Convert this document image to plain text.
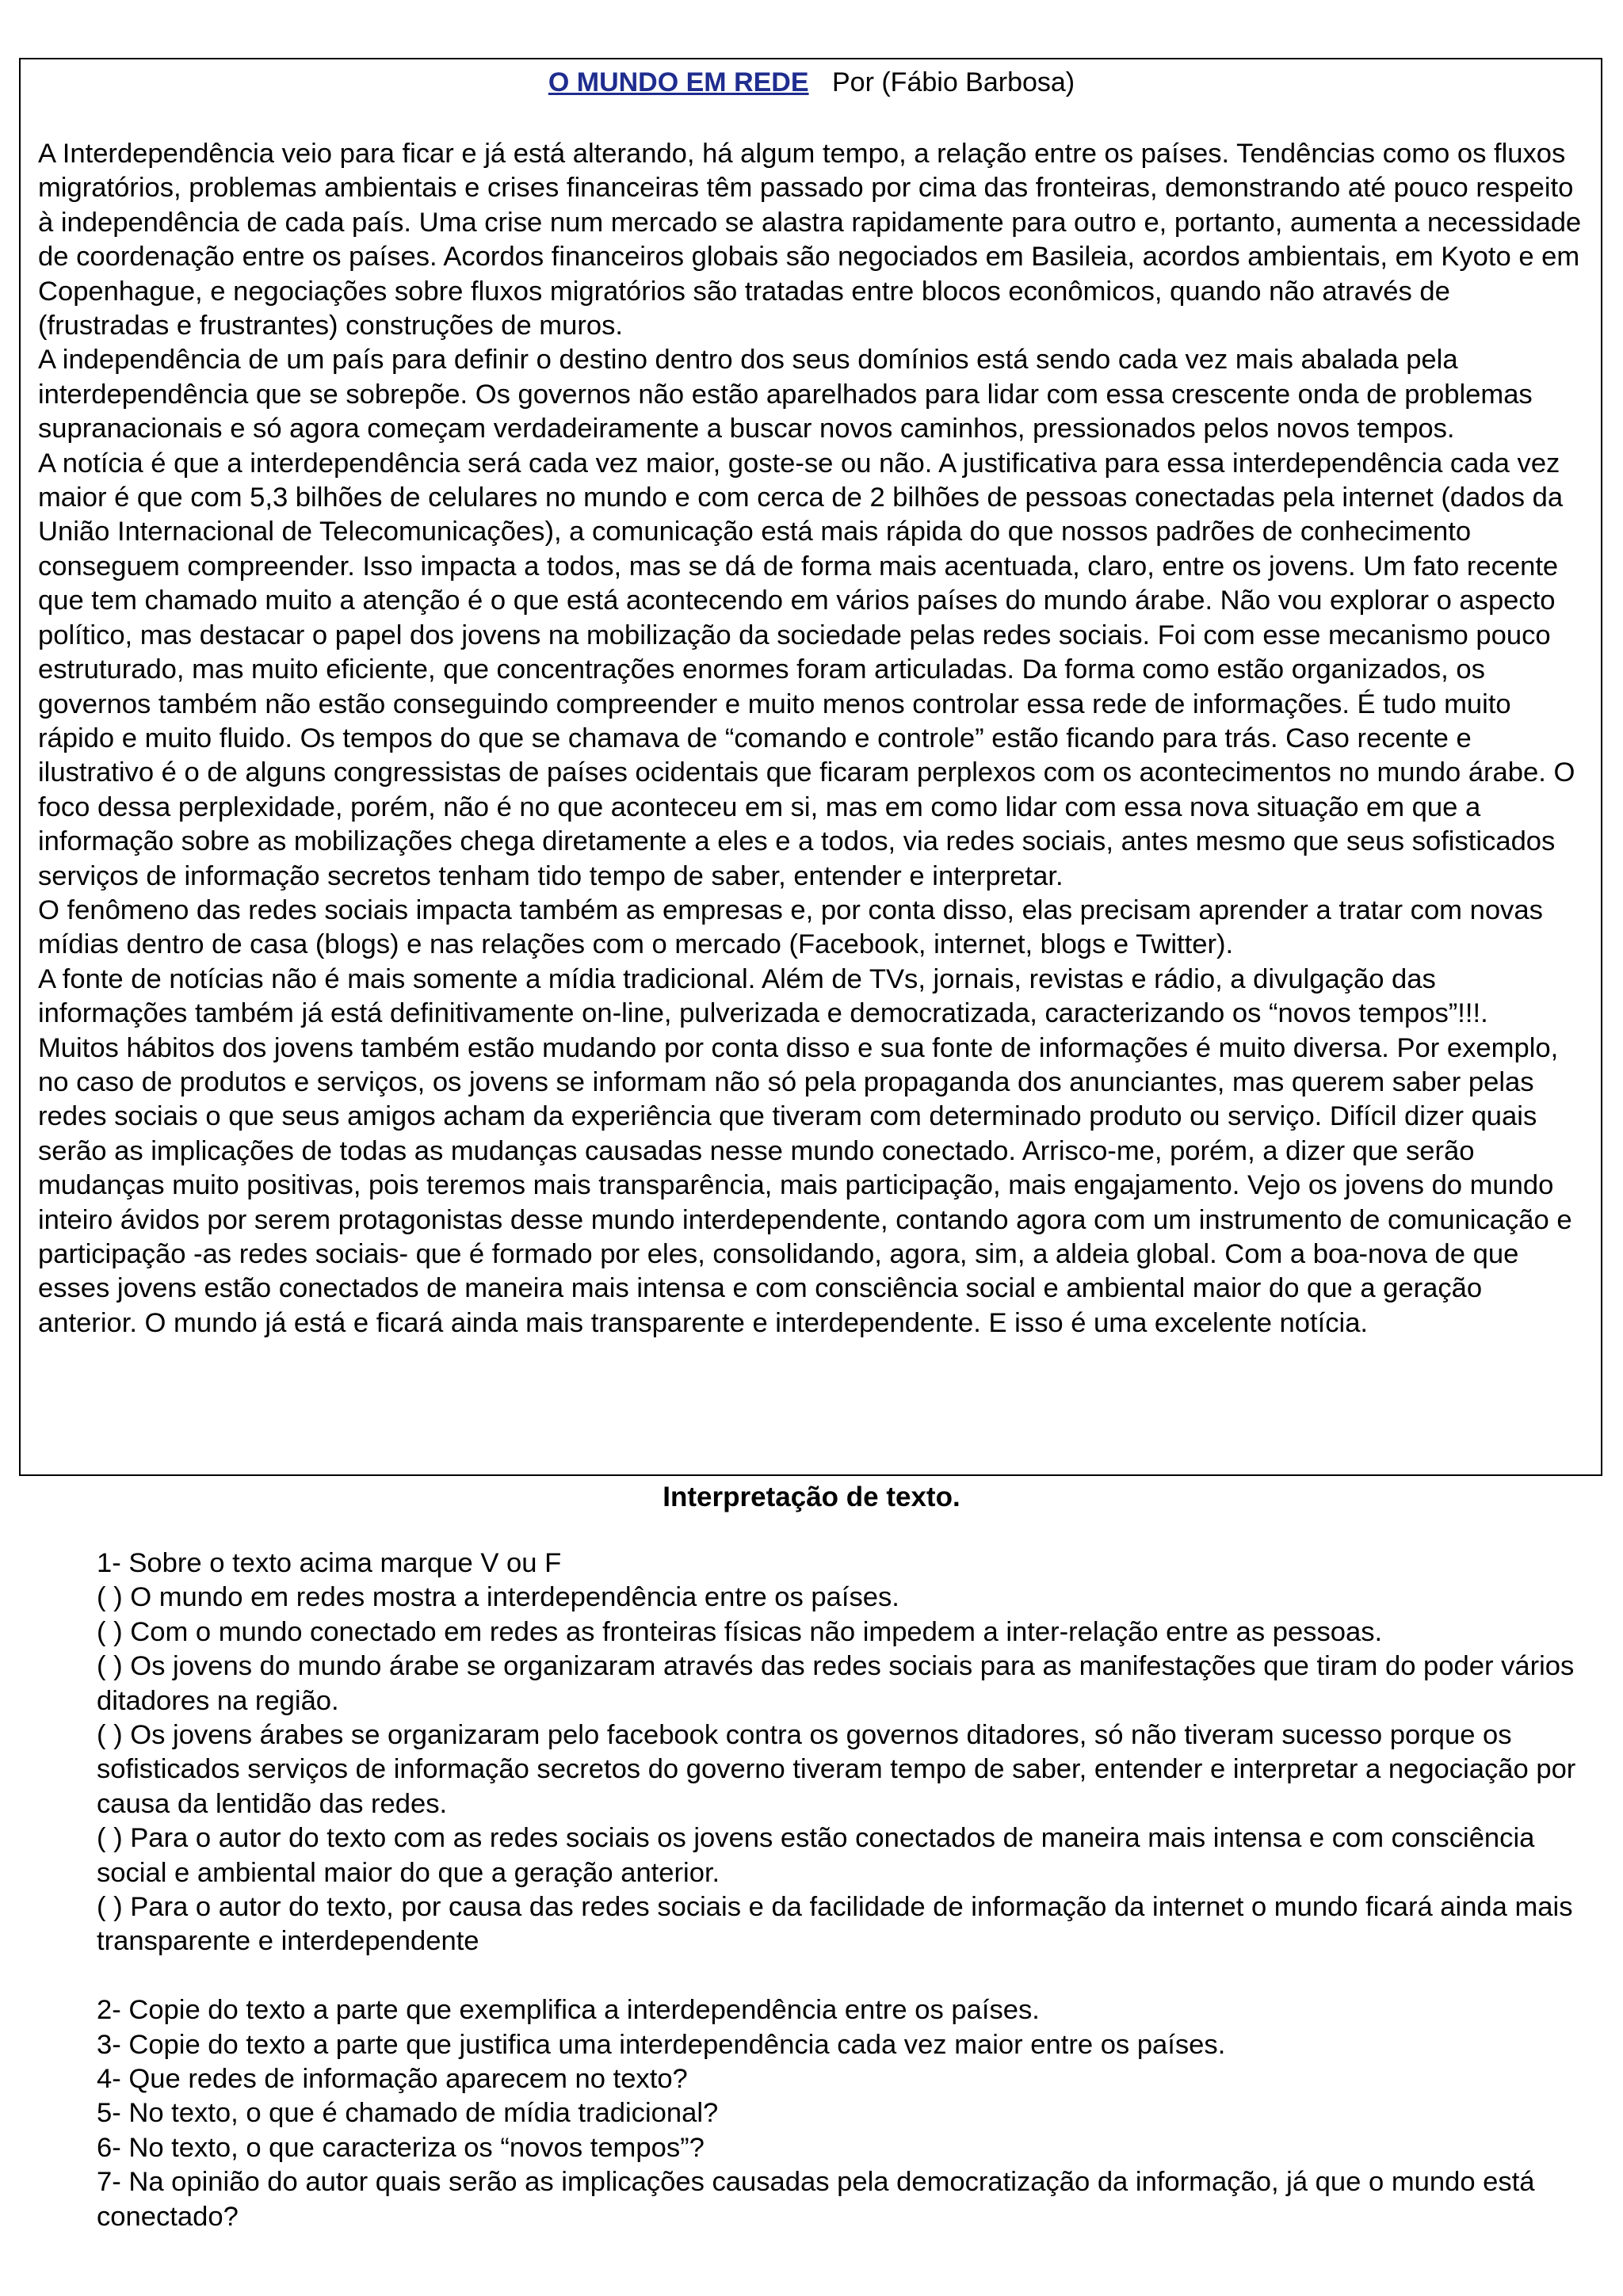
O MUNDO EM REDE Por (Fábio Barbosa)

A Interdependência veio para ficar e já está alterando, há algum tempo, a relação entre os países. Tendências como os fluxos migratórios, problemas ambientais e crises financeiras têm passado por cima das fronteiras, demonstrando até pouco respeito à independência de cada país. Uma crise num mercado se alastra rapidamente para outro e, portanto, aumenta a necessidade de coordenação entre os países. Acordos financeiros globais são negociados em Basileia, acordos ambientais, em Kyoto e em Copenhague, e negociações sobre fluxos migratórios são tratadas entre blocos econômicos, quando não através de (frustradas e frustrantes) construções de muros.

A independência de um país para definir o destino dentro dos seus domínios está sendo cada vez mais abalada pela interdependência que se sobrepõe. Os governos não estão aparelhados para lidar com essa crescente onda de problemas supranacionais e só agora começam verdadeiramente a buscar novos caminhos, pressionados pelos novos tempos.

A notícia é que a interdependência será cada vez maior, goste-se ou não. A justificativa para essa interdependência cada vez maior é que com 5,3 bilhões de celulares no mundo e com cerca de 2 bilhões de pessoas conectadas pela internet (dados da União Internacional de Telecomunicações), a comunicação está mais rápida do que nossos padrões de conhecimento conseguem compreender. Isso impacta a todos, mas se dá de forma mais acentuada, claro, entre os jovens. Um fato recente que tem chamado muito a atenção é o que está acontecendo em vários países do mundo árabe. Não vou explorar o aspecto político, mas destacar o papel dos jovens na mobilização da sociedade pelas redes sociais. Foi com esse mecanismo pouco estruturado, mas muito eficiente, que concentrações enormes foram articuladas. Da forma como estão organizados, os governos também não estão conseguindo compreender e muito menos controlar essa rede de informações. É tudo muito rápido e muito fluido. Os tempos do que se chamava de “comando e controle” estão ficando para trás. Caso recente e ilustrativo é o de alguns congressistas de países ocidentais que ficaram perplexos com os acontecimentos no mundo árabe. O foco dessa perplexidade, porém, não é no que aconteceu em si, mas em como lidar com essa nova situação em que a informação sobre as mobilizações chega diretamente a eles e a todos, via redes sociais, antes mesmo que seus sofisticados serviços de informação secretos tenham tido tempo de saber, entender e interpretar.

O fenômeno das redes sociais impacta também as empresas e, por conta disso, elas precisam aprender a tratar com novas mídias dentro de casa (blogs) e nas relações com o mercado (Facebook, internet, blogs e Twitter).

A fonte de notícias não é mais somente a mídia tradicional. Além de TVs, jornais, revistas e rádio, a divulgação das informações também já está definitivamente on-line, pulverizada e democratizada, caracterizando os “novos tempos”!!!.

Muitos hábitos dos jovens também estão mudando por conta disso e sua fonte de informações é muito diversa. Por exemplo, no caso de produtos e serviços, os jovens se informam não só pela propaganda dos anunciantes, mas querem saber pelas redes sociais o que seus amigos acham da experiência que tiveram com determinado produto ou serviço. Difícil dizer quais serão as implicações de todas as mudanças causadas nesse mundo conectado. Arrisco-me, porém, a dizer que serão mudanças muito positivas, pois teremos mais transparência, mais participação, mais engajamento. Vejo os jovens do mundo inteiro ávidos por serem protagonistas desse mundo interdependente, contando agora com um instrumento de comunicação e participação -as redes sociais- que é formado por eles, consolidando, agora, sim, a aldeia global. Com a boa-nova de que esses jovens estão conectados de maneira mais intensa e com consciência social e ambiental maior do que a geração anterior. O mundo já está e ficará ainda mais transparente e interdependente. E isso é uma excelente notícia.

Interpretação de texto.

1- Sobre o texto acima marque V ou F

( ) O mundo em redes mostra a interdependência entre os países.

( ) Com o mundo conectado em redes as fronteiras físicas não impedem a inter-relação entre as pessoas.

( ) Os jovens do mundo árabe se organizaram através das redes sociais para as manifestações que tiram do poder vários ditadores na região.

( ) Os jovens árabes se organizaram pelo facebook contra os governos ditadores, só não tiveram sucesso porque os sofisticados serviços de informação secretos do governo tiveram tempo de saber, entender e interpretar a negociação por causa da lentidão das redes.

( ) Para o autor do texto com as redes sociais os jovens estão conectados de maneira mais intensa e com consciência social e ambiental maior do que a geração anterior.

( ) Para o autor do texto, por causa das redes sociais e da facilidade de informação da internet o mundo ficará ainda mais transparente e interdependente

2- Copie do texto a parte que exemplifica a interdependência entre os países.

3- Copie do texto a parte que justifica uma interdependência cada vez maior entre os países.

4- Que redes de informação aparecem no texto?

5- No texto, o que é chamado de mídia tradicional?

6- No texto, o que caracteriza os “novos tempos”?

7- Na opinião do autor quais serão as implicações causadas pela democratização da informação, já que o mundo está conectado?
